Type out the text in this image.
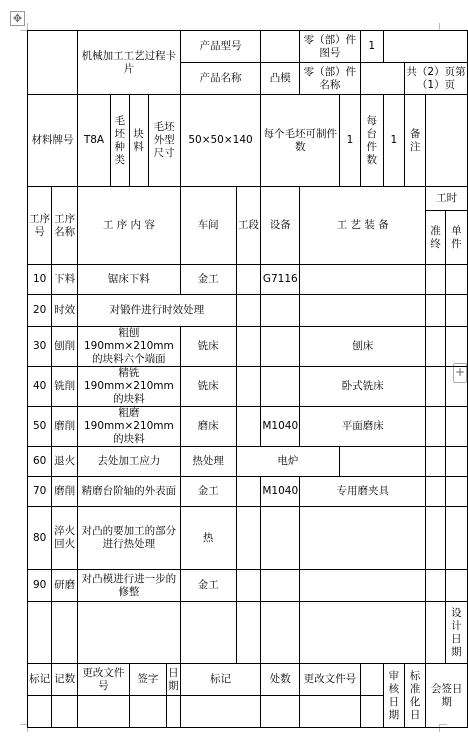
✥
+
		机械加工工艺过程卡片					产品型号			零（部）件图号		1				
							产品名称		凸模	零（部）件名称				共（2）页第（1）页		
材料牌号		T8A	毛坯种类	块料	毛坯外型尺寸		50×50×140		每个毛坯可制件数		1	每台件数	1	备注		
工序号	工序名称	工 序 内 容					车间	工段	设备	工 艺 装 备					工时	
															准终	单件
10	下料	锯床下料					金工		G7116							
20	时效	对锻件进行时效处理														
30	刨削	粗刨 190mm×210mm 的块料六个端面					铣床			刨床						
40	铣削	精铣 190mm×210mm 的块料					铣床			卧式铣床						
50	磨削	粗磨 190mm×210mm 的块料					磨床		M1040	平面磨床						
60	退火	去处加工应力					热处理	电炉								
70	磨削	精磨台阶轴的外表面					金工		M1040	专用磨夹具						
80	淬火回火	对凸的要加工的部分进行热处理					热									
90	研磨	对凸模进行进一步的修整					金工									
																设计日期
标记	记数	更改文件号		签字		日期	标记		处数	更改文件号			审核日期	标准化日	会签日期	
